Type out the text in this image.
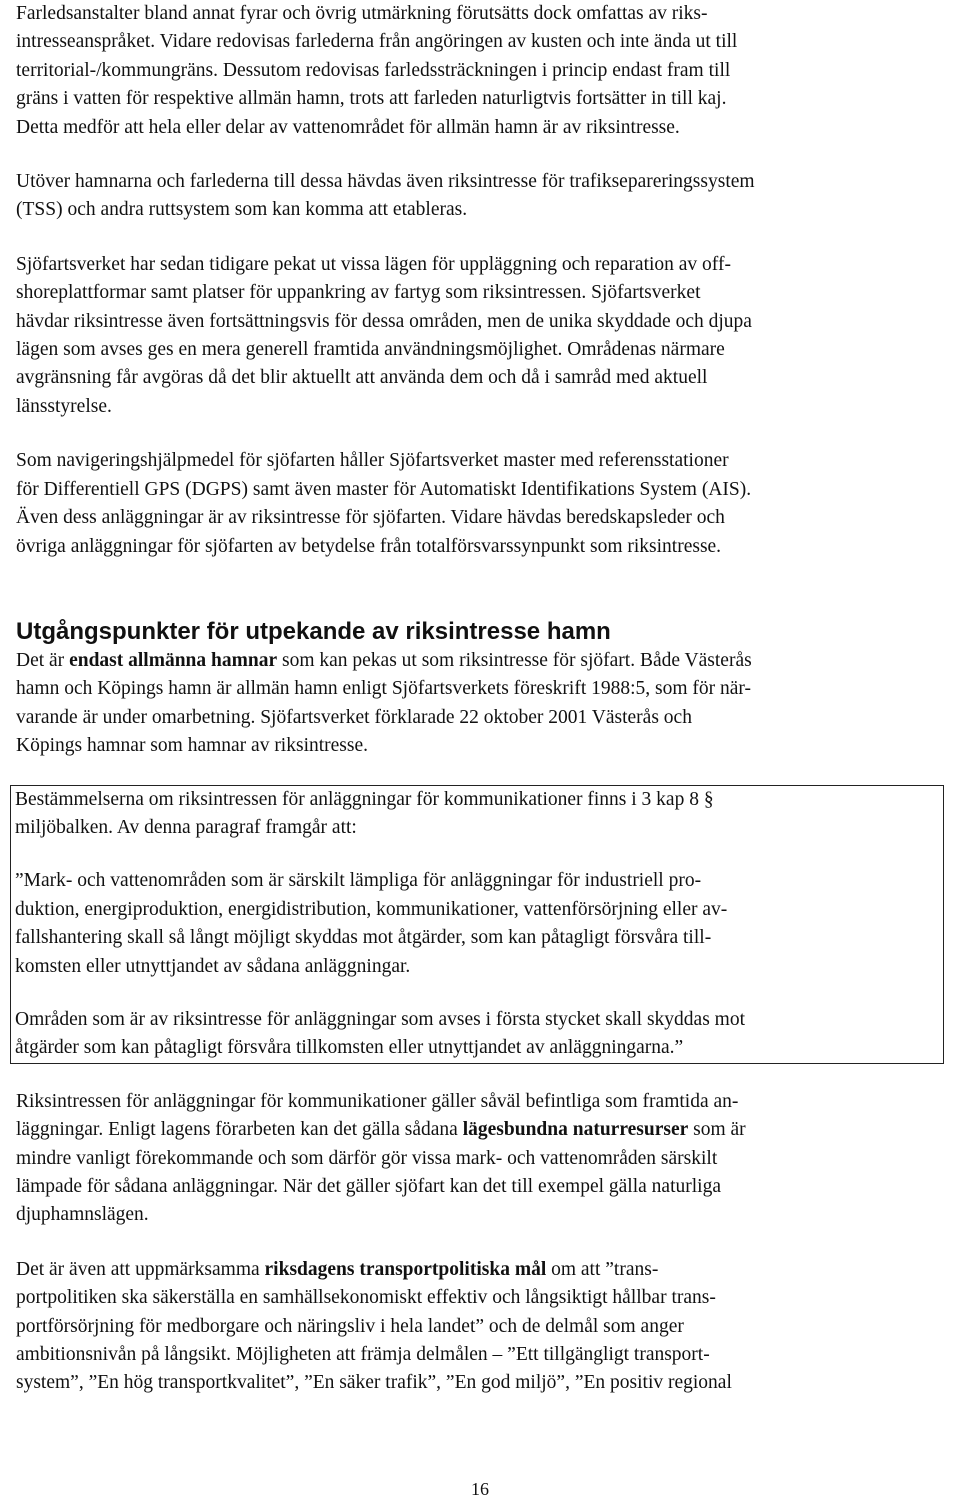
Farledsanstalter bland annat fyrar och övrig utmärkning förutsätts dock omfattas av riks-
intresseanspråket. Vidare redovisas farlederna från angöringen av kusten och inte ända ut till
territorial-/kommungräns. Dessutom redovisas farledssträckningen i princip endast fram till
gräns i vatten för respektive allmän hamn, trots att farleden naturligtvis fortsätter in till kaj.
Detta medför att hela eller delar av vattenområdet för allmän hamn är av riksintresse.
Utöver hamnarna och farlederna till dessa hävdas även riksintresse för trafiksepareringssystem
(TSS) och andra ruttsystem som kan komma att etableras.
Sjöfartsverket har sedan tidigare pekat ut vissa lägen för uppläggning och reparation av off-
shoreplattformar samt platser för uppankring av fartyg som riksintressen. Sjöfartsverket
hävdar riksintresse även fortsättningsvis för dessa områden, men de unika skyddade och djupa
lägen som avses ges en mera generell framtida användningsmöjlighet. Områdenas närmare
avgränsning får avgöras då det blir aktuellt att använda dem och då i samråd med aktuell
länsstyrelse.
Som navigeringshjälpmedel för sjöfarten håller Sjöfartsverket master med referensstationer
för Differentiell GPS (DGPS) samt även master för Automatiskt Identifikations System (AIS).
Även dess anläggningar är av riksintresse för sjöfarten. Vidare hävdas beredskapsleder och
övriga anläggningar för sjöfarten av betydelse från totalförsvarssynpunkt som riksintresse.
Utgångspunkter för utpekande av riksintresse hamn
Det är endast allmänna hamnar som kan pekas ut som riksintresse för sjöfart. Både Västerås
hamn och Köpings hamn är allmän hamn enligt Sjöfartsverkets föreskrift 1988:5, som för när-
varande är under omarbetning. Sjöfartsverket förklarade 22 oktober 2001 Västerås och
Köpings hamnar som hamnar av riksintresse.
Bestämmelserna om riksintressen för anläggningar för kommunikationer finns i 3 kap 8 §
miljöbalken. Av denna paragraf framgår att:
”Mark- och vattenområden som är särskilt lämpliga för anläggningar för industriell pro-
duktion, energiproduktion, energidistribution, kommunikationer, vattenförsörjning eller av-
fallshantering skall så långt möjligt skyddas mot åtgärder, som kan påtagligt försvåra till-
komsten eller utnyttjandet av sådana anläggningar.
Områden som är av riksintresse för anläggningar som avses i första stycket skall skyddas mot
åtgärder som kan påtagligt försvåra tillkomsten eller utnyttjandet av anläggningarna.”
Riksintressen för anläggningar för kommunikationer gäller såväl befintliga som framtida an-
läggningar. Enligt lagens förarbeten kan det gälla sådana lägesbundna naturresurser som är
mindre vanligt förekommande och som därför gör vissa mark- och vattenområden särskilt
lämpade för sådana anläggningar. När det gäller sjöfart kan det till exempel gälla naturliga
djuphamnslägen.
Det är även att uppmärksamma riksdagens transportpolitiska mål om att ”trans-
portpolitiken ska säkerställa en samhällsekonomiskt effektiv och långsiktigt hållbar trans-
portförsörjning för medborgare och näringsliv i hela landet” och de delmål som anger
ambitionsnivån på långsikt. Möjligheten att främja delmålen – ”Ett tillgängligt transport-
system”, ”En hög transportkvalitet”, ”En säker trafik”, ”En god miljö”, ”En positiv regional
16
